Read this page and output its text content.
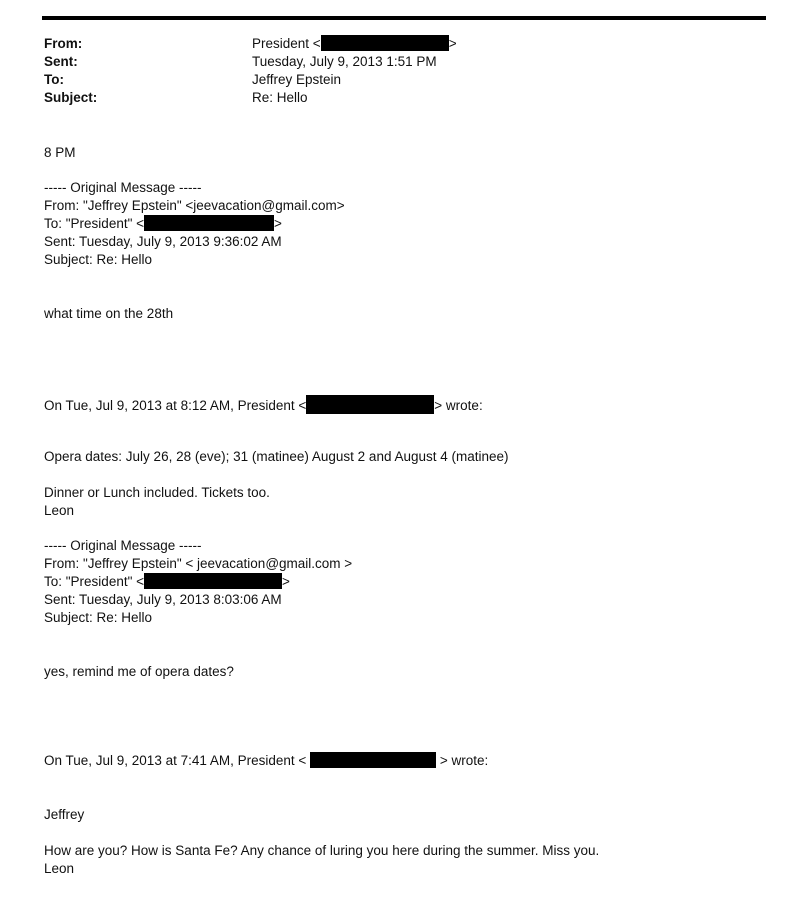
From:	President <	>
Sent:	Tuesday, July 9, 2013 1:51 PM
To:	Jeffrey Epstein
Subject:	Re: Hello
8 PM
----- Original Message -----
From: "Jeffrey Epstein" <jeevacation@gmail.com>
To: "President" <	>
Sent: Tuesday, July 9, 2013 9:36:02 AM
Subject: Re: Hello
what time on the 28th
On Tue, Jul 9, 2013 at 8:12 AM, President <	> wrote:
Opera dates: July 26, 28 (eve); 31 (matinee) August 2 and August 4 (matinee)
Dinner or Lunch included. Tickets too.
Leon
----- Original Message -----
From: "Jeffrey Epstein" < jeevacation@gmail.com >
To: "President" <	>
Sent: Tuesday, July 9, 2013 8:03:06 AM
Subject: Re: Hello
yes, remind me of opera dates?
On Tue, Jul 9, 2013 at 7:41 AM, President <	> wrote:
Jeffrey
How are you? How is Santa Fe? Any chance of luring you here during the summer. Miss you.
Leon
